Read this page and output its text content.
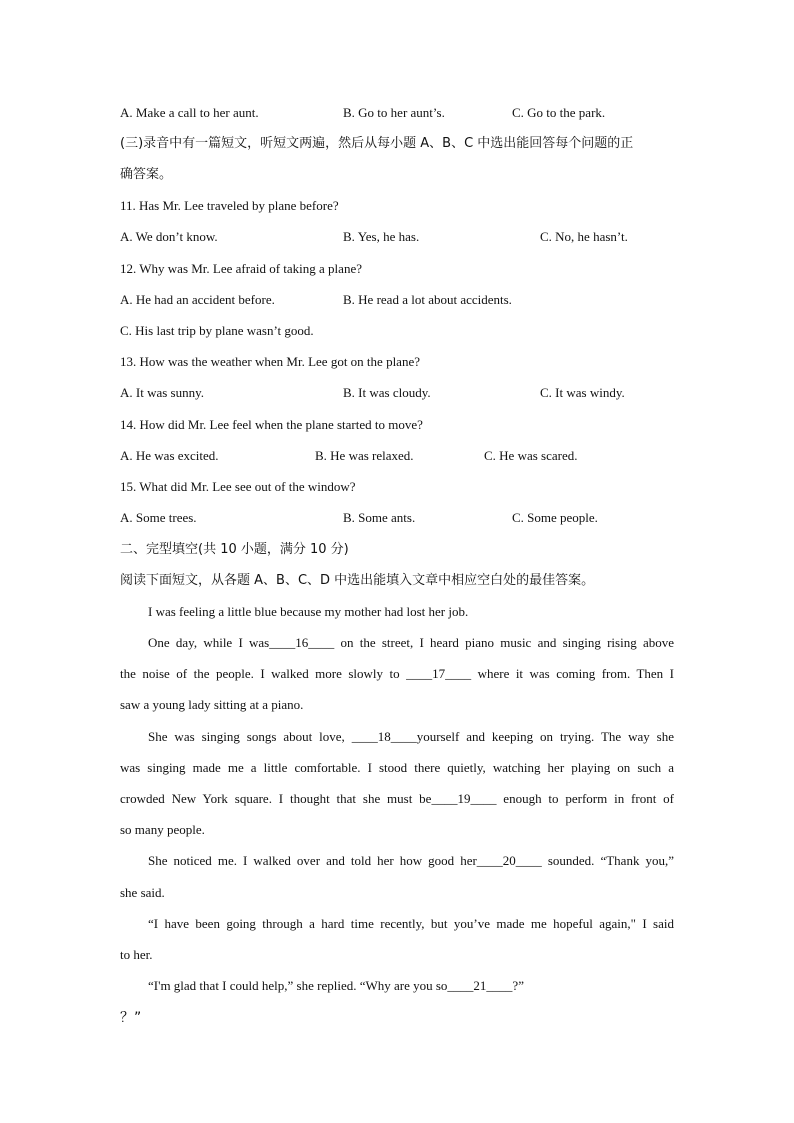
A. Make a call to her aunt.	B. Go to her aunt’s.	C. Go to the park.
(三)录音中有一篇短文，听短文两遍，然后从每小题 A、B、C 中选出能回答每个问题的正
确答案。
11. Has Mr. Lee traveled by plane before?
A. We don’t know.	B. Yes, he has.	C. No, he hasn’t.
12. Why was Mr. Lee afraid of taking a plane?
A. He had an accident before.	B. He read a lot about accidents.
C. His last trip by plane wasn’t good.
13. How was the weather when Mr. Lee got on the plane?
A. It was sunny.	B. It was cloudy.	C. It was windy.
14. How did Mr. Lee feel when the plane started to move?
A. He was excited.	B. He was relaxed.	C. He was scared.
15. What did Mr. Lee see out of the window?
A. Some trees.	B. Some ants.	C. Some people.
二、完型填空(共 10 小题，满分 10 分)
阅读下面短文，从各题 A、B、C、D 中选出能填入文章中相应空白处的最佳答案。
I was feeling a little blue because my mother had lost her job.
One day, while I was____16____ on the street, I heard piano music and singing rising above
the noise of the people. I walked more slowly to ____17____ where it was coming from. Then I
saw a young lady sitting at a piano.
She was singing songs about love, ____18____yourself and keeping on trying. The way she
was singing made me a little comfortable. I stood there quietly, watching her playing on such a
crowded New York square. I thought that she must be____19____ enough to perform in front of
so many people.
She noticed me. I walked over and told her how good her____20____ sounded. “Thank you,”
she said.
“I have been going through a hard time recently, but you’ve made me hopeful again," I said
to her.
“I'm glad that I could help,” she replied. “Why are you so____21____?”
？”
